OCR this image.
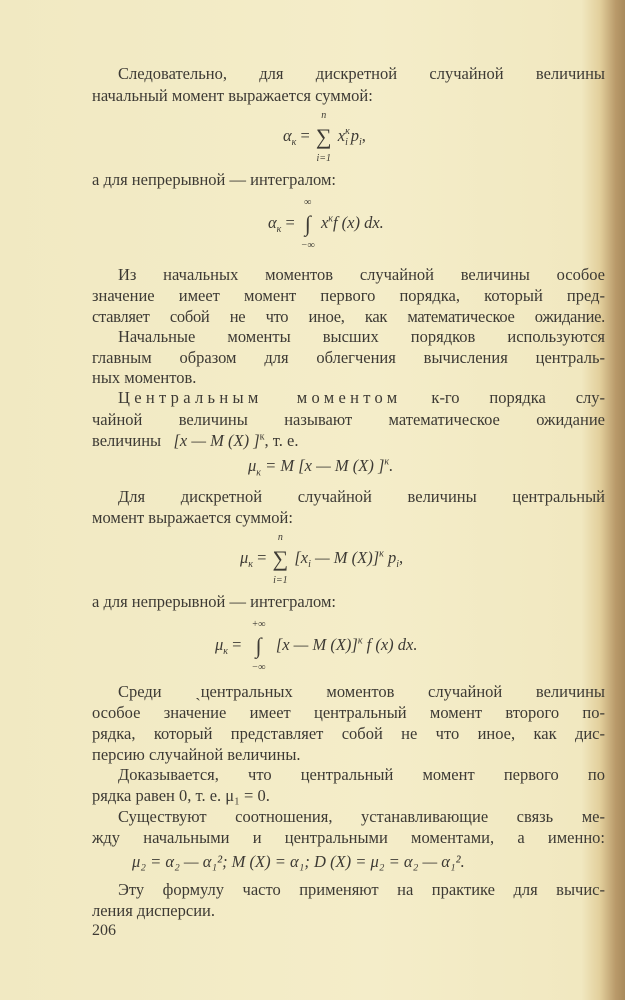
Следовательно, для дискретной случайной величины
начальный момент выражается суммой:
$\alpha_к$ =
n
∑
i=1
x к
i $p_i$,
а для непрерывной — интегралом:
$\alpha_к$ =
∞
∫
−∞
$x^кf$ (x) dx.
Из начальных моментов случайной величины особое
значение имеет момент первого порядка, который пред-
ставляет собой не что иное, как математическое ожидание.
Начальные моменты высших порядков используются
главным образом для облегчения вычисления централь-
ных моментов.
Центральным моментом к-го порядка слу-
чайной величины называют математическое ожидание
величины [x — M (X) ]$^к$, т. е.
$\mu_к = M$ [x — M (X) ]$^к$.
Для дискретной случайной величины центральный
момент выражается суммой:
$\mu_к$ =
n
∑
i=1
[$x_i$ — M (X)]$^к$ $p_i$,
а для непрерывной — интегралом:
$\mu_к$ =
+∞
∫
−∞
[x — M (X)]$^к$ f (x) dx.
Среди ˎцентральных моментов случайной величины
особое значение имеет центральный момент второго по-
рядка, который представляет собой не что иное, как дис-
персию случайной величины.
Доказывается, что центральный момент первого по
рядка равен 0, т. е. μ₁ = 0.
Существуют соотношения, устанавливающие связь ме-
жду начальными и центральными моментами, а именно:
μ₂ = α₂ — α₁²; M (X) = α₁; D (X) = μ₂ = α₂ — α₁².
Эту формулу часто применяют на практике для вычис-
ления дисперсии.
206
